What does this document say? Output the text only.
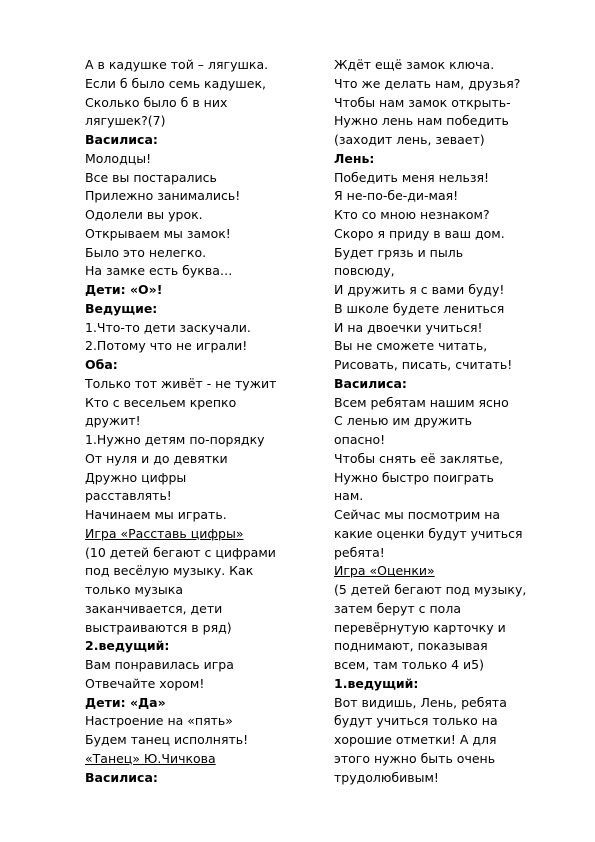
А в кадушке той – лягушка.
Если б было семь кадушек,
Сколько было б в них
лягушек?(7)
Василиса:
Молодцы!
Все вы постарались
Прилежно занимались!
Одолели вы урок.
Открываем мы замок!
Было это нелегко.
На замке есть буква…
Дети: «О»!
Ведущие:
1.Что-то дети заскучали.
2.Потому что не играли!
Оба:
Только тот живёт - не тужит
Кто с весельем крепко
дружит!
1.Нужно детям по-порядку
От нуля и до девятки
Дружно цифры
расставлять!
Начинаем мы играть.
Игра «Расставь цифры»
(10 детей бегают с цифрами
под весёлую музыку. Как
только музыка
заканчивается, дети
выстраиваются в ряд)
2.ведущий:
Вам понравилась игра
Отвечайте хором!
Дети: «Да»
Настроение на «пять»
Будем танец исполнять!
«Танец» Ю.Чичкова
Василиса:
Ждёт ещё замок ключа.
Что же делать нам, друзья?
Чтобы нам замок открыть-
Нужно лень нам победить
(заходит лень, зевает)
Лень:
Победить меня нельзя!
Я не-по-бе-ди-мая!
Кто со мною незнаком?
Скоро я приду в ваш дом.
Будет грязь и пыль
повсюду,
И дружить я с вами буду!
В школе будете лениться
И на двоечки учиться!
Вы не сможете читать,
Рисовать, писать, считать!
Василиса:
Всем ребятам нашим ясно
С ленью им дружить
опасно!
Чтобы снять её заклятье,
Нужно быстро поиграть
нам.
Сейчас мы посмотрим на
какие оценки будут учиться
ребята!
Игра «Оценки»
(5 детей бегают под музыку,
затем берут с пола
перевёрнутую карточку и
поднимают, показывая
всем, там только 4 и5)
1.ведущий:
Вот видишь, Лень, ребята
будут учиться только на
хорошие отметки! А для
этого нужно быть очень
трудолюбивым!
